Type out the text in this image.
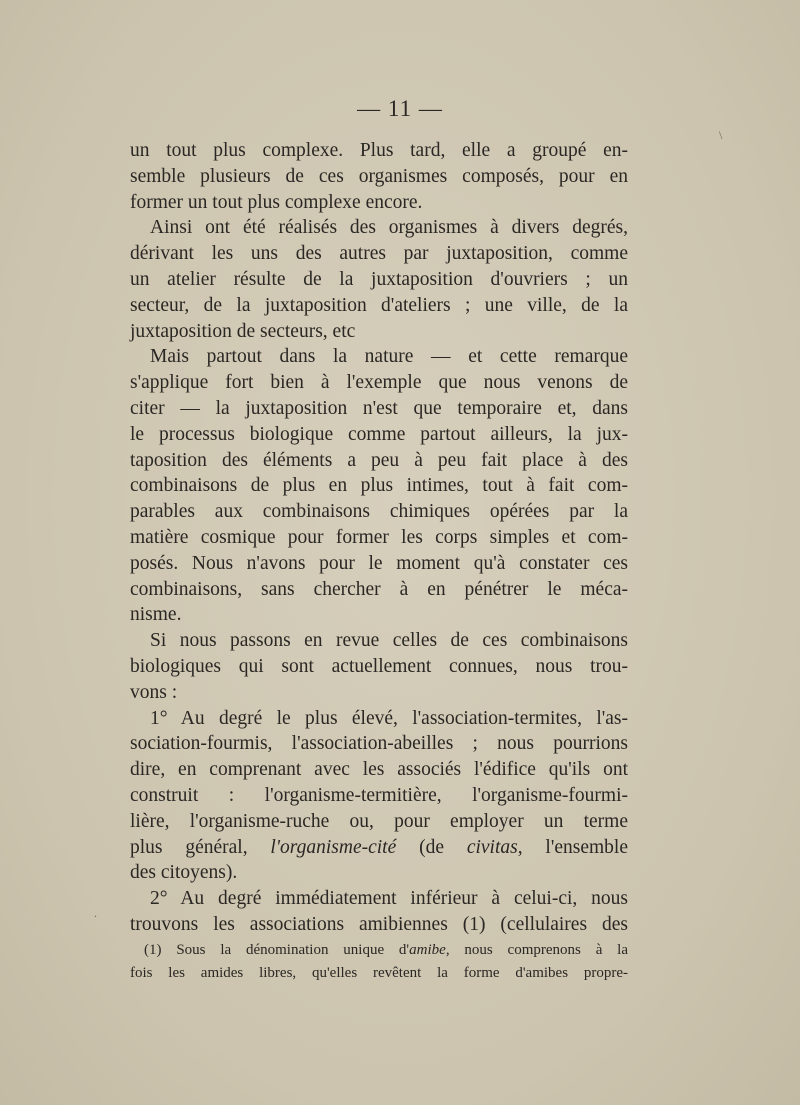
— 11 —
un tout plus complexe. Plus tard, elle a groupé en-
semble plusieurs de ces organismes composés, pour en
former un tout plus complexe encore.
Ainsi ont été réalisés des organismes à divers degrés,
dérivant les uns des autres par juxtaposition, comme
un atelier résulte de la juxtaposition d'ouvriers ; un
secteur, de la juxtaposition d'ateliers ; une ville, de la
juxtaposition de secteurs, etc
Mais partout dans la nature — et cette remarque
s'applique fort bien à l'exemple que nous venons de
citer — la juxtaposition n'est que temporaire et, dans
le processus biologique comme partout ailleurs, la jux-
taposition des éléments a peu à peu fait place à des
combinaisons de plus en plus intimes, tout à fait com-
parables aux combinaisons chimiques opérées par la
matière cosmique pour former les corps simples et com-
posés. Nous n'avons pour le moment qu'à constater ces
combinaisons, sans chercher à en pénétrer le méca-
nisme.
Si nous passons en revue celles de ces combinaisons
biologiques qui sont actuellement connues, nous trou-
vons :
1° Au degré le plus élevé, l'association-termites, l'as-
sociation-fourmis, l'association-abeilles ; nous pourrions
dire, en comprenant avec les associés l'édifice qu'ils ont
construit : l'organisme-termitière, l'organisme-fourmi-
lière, l'organisme-ruche ou, pour employer un terme
plus général, l'organisme-cité (de civitas, l'ensemble
des citoyens).
2° Au degré immédiatement inférieur à celui-ci, nous
trouvons les associations amibiennes (1) (cellulaires des
(1) Sous la dénomination unique d'amibe, nous comprenons à la
fois les amides libres, qu'elles revêtent la forme d'amibes propre-
\
.
